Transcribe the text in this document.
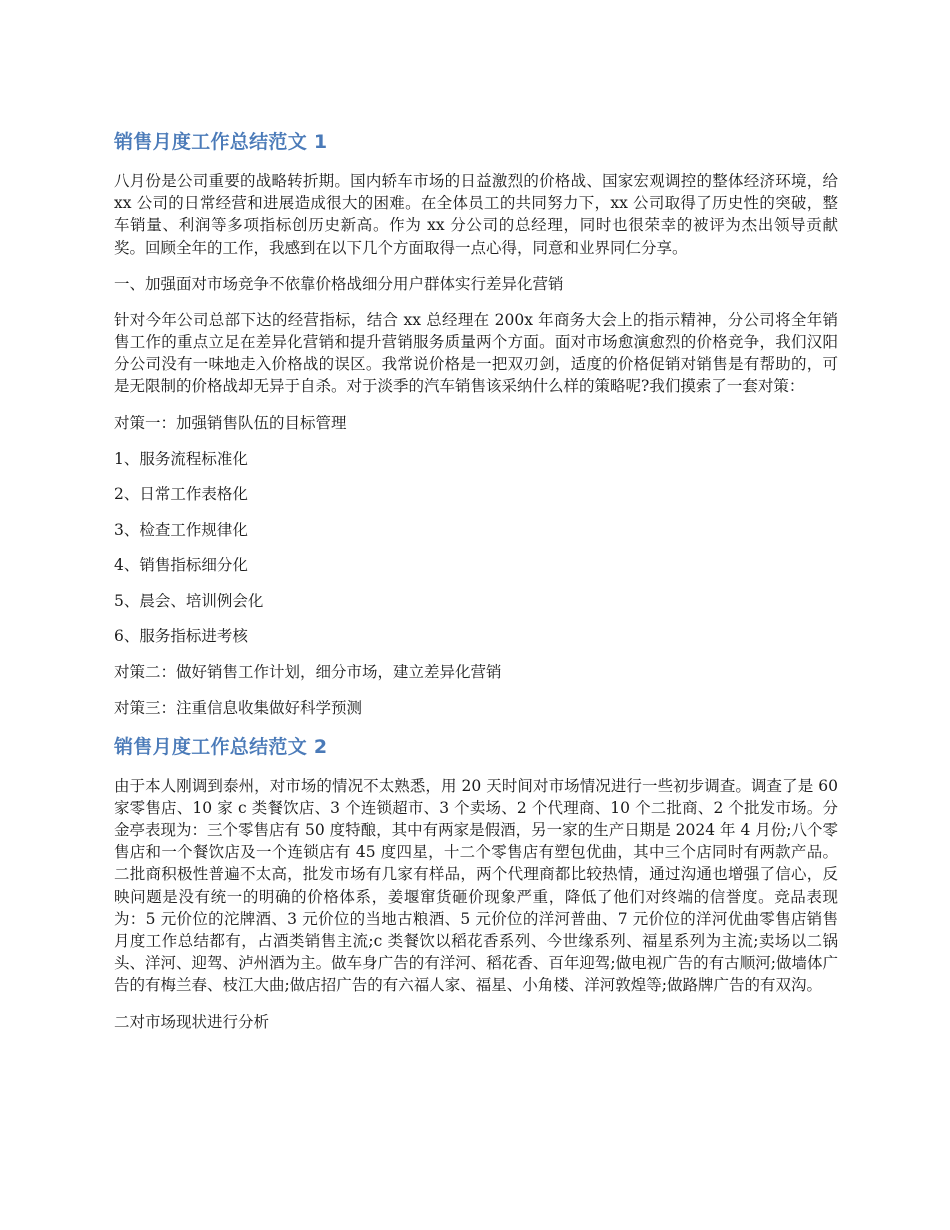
销售月度工作总结范文 1

八月份是公司重要的战略转折期。国内轿车市场的日益激烈的价格战、国家宏观调控的整体经济环境，给 xx 公司的日常经营和进展造成很大的困难。在全体员工的共同努力下，xx 公司取得了历史性的突破，整车销量、利润等多项指标创历史新高。作为 xx 分公司的总经理，同时也很荣幸的被评为杰出领导贡献奖。回顾全年的工作，我感到在以下几个方面取得一点心得，同意和业界同仁分享。

一、加强面对市场竞争不依靠价格战细分用户群体实行差异化营销

针对今年公司总部下达的经营指标，结合 xx 总经理在 200x 年商务大会上的指示精神，分公司将全年销售工作的重点立足在差异化营销和提升营销服务质量两个方面。面对市场愈演愈烈的价格竞争，我们汉阳分公司没有一味地走入价格战的误区。我常说价格是一把双刃剑，适度的价格促销对销售是有帮助的，可是无限制的价格战却无异于自杀。对于淡季的汽车销售该采纳什么样的策略呢?我们摸索了一套对策：

对策一：加强销售队伍的目标管理

1、服务流程标准化

2、日常工作表格化

3、检查工作规律化

4、销售指标细分化

5、晨会、培训例会化

6、服务指标进考核

对策二：做好销售工作计划，细分市场，建立差异化营销

对策三：注重信息收集做好科学预测

销售月度工作总结范文 2

由于本人刚调到泰州，对市场的情况不太熟悉，用 20 天时间对市场情况进行一些初步调查。调查了是 60 家零售店、10 家 c 类餐饮店、3 个连锁超市、3 个卖场、2 个代理商、10 个二批商、2 个批发市场。分金亭表现为：三个零售店有 50 度特酿，其中有两家是假酒，另一家的生产日期是 2024 年 4 月份;八个零售店和一个餐饮店及一个连锁店有 45 度四星，十二个零售店有塑包优曲，其中三个店同时有两款产品。二批商积极性普遍不太高，批发市场有几家有样品，两个代理商都比较热情，通过沟通也增强了信心，反映问题是没有统一的明确的价格体系，姜堰窜货砸价现象严重，降低了他们对终端的信誉度。竞品表现为：5 元价位的沱牌酒、3 元价位的当地古粮酒、5 元价位的洋河普曲、7 元价位的洋河优曲零售店销售月度工作总结都有，占酒类销售主流;c 类餐饮以稻花香系列、今世缘系列、福星系列为主流;卖场以二锅头、洋河、迎驾、泸州酒为主。做车身广告的有洋河、稻花香、百年迎驾;做电视广告的有古顺河;做墙体广告的有梅兰春、枝江大曲;做店招广告的有六福人家、福星、小角楼、洋河敦煌等;做路牌广告的有双沟。

二对市场现状进行分析
